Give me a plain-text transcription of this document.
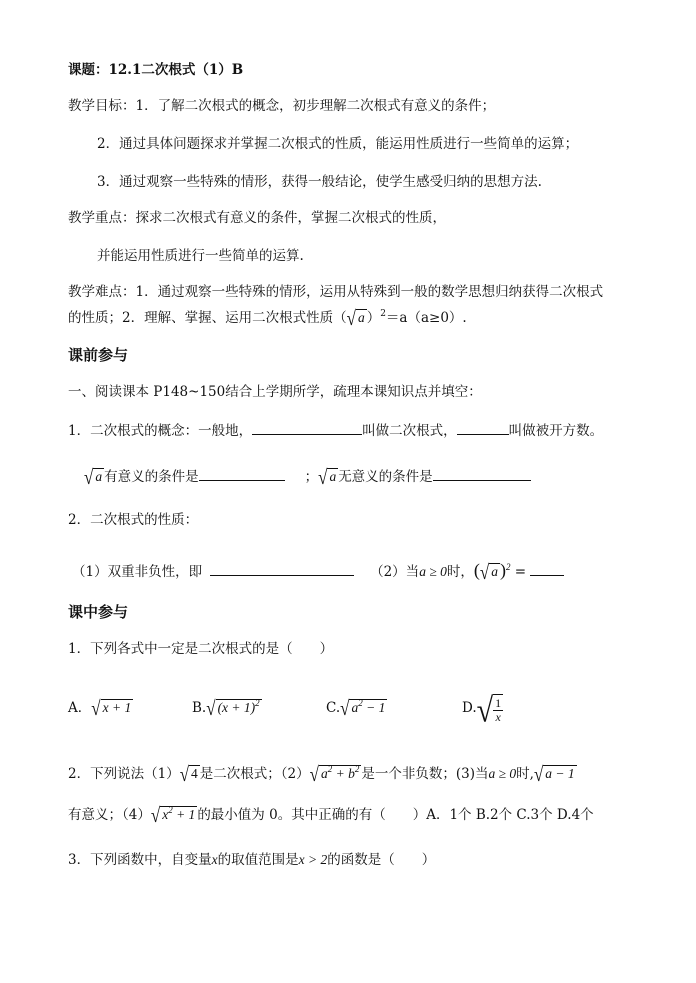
课题：12.1二次根式（1）B
教学目标：1．了解二次根式的概念，初步理解二次根式有意义的条件；
2．通过具体问题探求并掌握二次根式的性质，能运用性质进行一些简单的运算；
3．通过观察一些特殊的情形，获得一般结论，使学生感受归纳的思想方法.
教学重点：探求二次根式有意义的条件，掌握二次根式的性质，
并能运用性质进行一些简单的运算.
教学难点：1．通过观察一些特殊的情形，运用从特殊到一般的数学思想归纳获得二次根式
的性质；2．理解、掌握、运用二次根式性质（√ a ）$^2$＝a（a≥0）.
课前参与
一、阅读课本 P148~150结合上学期所学，疏理本课知识点并填空：
1．二次根式的概念：一般地，	叫做二次根式，	叫做被开方数。
√ a 有意义的条件是	；√ a 无意义的条件是
2．二次根式的性质：
（1）双重非负性，即	（2）当a ≥ 0时，(√ a )$^2$ =
课中参与
1．下列各式中一定是二次根式的是（　　）
A．√ x + 1	B.√ $(x + 1)^2$	C.√ $a^2 - 1$	$D.√ \frac{1}{x}$
2．下列说法（1）√ 4 是二次根式；（2）√ $a^2 + b^2$ 是一个非负数；(3)当a ≥ 0时,√ a − 1
有意义；（4）√ $x^2 + 1$ 的最小值为 0。其中正确的有（　　）A．1个 B.2个 C.3个 D.4个
3．下列函数中，自变量x的取值范围是x > 2的函数是（　　）
